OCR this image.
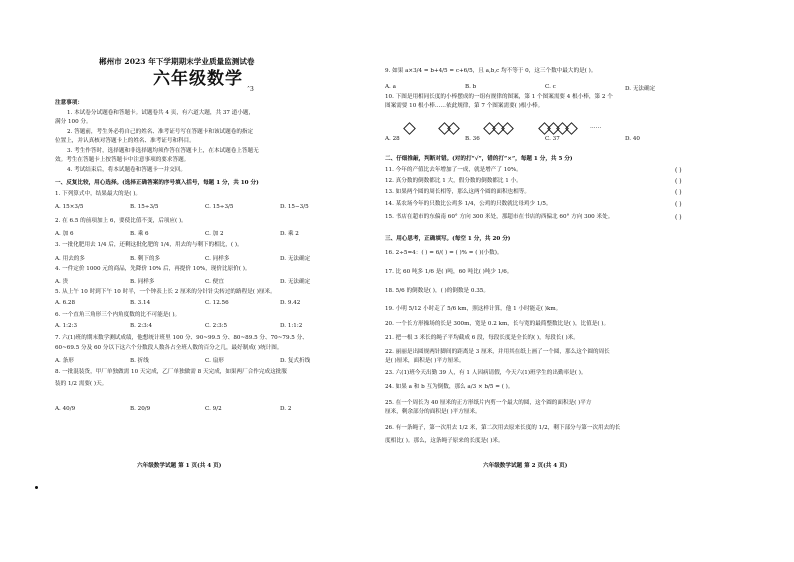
郴州市 2023 年下学期期末学业质量监测试卷
六年级数学
˄3
注意事项：
1. 本试卷分试题卷和答题卡。试题卷共 4 页，有六道大题，共 37 道小题，
满分 100 分。
2. 答题前，考生务必将自己的姓名、准考证号写在答题卡和该试题卷的指定
位置上，并认真核对答题卡上的姓名、准考证号和科目。
3. 考生作答时，选择题和非选择题均须作答在答题卡上，在本试题卷上答题无
效。考生在答题卡上按答题卡中注意事项的要求答题。
4. 考试结束后，将本试题卷和答题卡一并交回。
一、反复比较，用心选择。(选择正确答案的序号填入括号，每题 1 分，共 10 分)
1. 下列算式中，结果最大的是( )。
A. 15×3/5	B. 15÷3/5	C. 15÷3/5	D. 15−3/5
2. 在 6.5 的前项加上 6，要使比值不变，后项应( )。
A. 加 6	B. 乘 6	C. 加 2	D. 乘 2
3. 一批化肥用去 1/4 后，还剩这批化肥的 1/4，用去的与剩下的相比，( )。
A. 用去的多	B. 剩下的多	C. 同样多	D. 无法确定
4. 一件定价 1000 元的商品，先降价 10% 后，再提价 10%，现价比原价( )。
A. 贵	B. 同样多	C. 便宜	D. 无法确定
5. 从上午 10 时到下午 10 时半，一个钟表上长 2 厘米的分针针尖转过的路程是( )厘米。
A. 6.28	B. 3.14	C. 12.56	D. 9.42
6. 一个直角三角形三个内角度数的比不可能是( )。
A. 1:2:3	B. 2:3:4	C. 2:3:5	D. 1:1:2
7. 六(1)班的期末数学测试成绩，他想统计班里 100 分、90~99.5 分、80~89.5 分、70~79.5 分、
60~69.5 分及 60 分以下这六个分数段人数各占全班人数的百分之几，最好制成( )统计图。
A. 条形	B. 折线	C. 扇形	D. 复式折线
8. 一批混装货，甲厂单独做需 10 天完成，乙厂单独做需 8 天完成，如果两厂合作完成这批服
装的 1/2 需要( )天。
A. 40/9	B. 20/9	C. 9/2	D. 2
六年级数学试题 第 1 页(共 4 页)
9. 如果 a×3/4 = b+4/5 = c+6/5，且 a,b,c 均不等于 0，这三个数中最大的是( )。
A. a	B. b	C. c	D. 无法确定
10. 下图是用相同长度的小棒摆成的一组有规律的图案，第 1 个图案需要 4 根小棒，第 2 个
图案需要 10 根小棒……依此规律，第 7 个图案需要( )根小棒。
……
A. 28	B. 36	C. 37	D. 40
二、仔细推敲，判断对错。(对的打“√”，错的打“×”，每题 1 分，共 5 分)
11. 今年的产值比去年增加了一成，就是增产了 10%。	( )
12. 真分数的倒数都比 1 大，假分数的倒数都比 1 小。	( )
13. 如果两个圆的周长相等，那么这两个圆的面积也相等。	( )
14. 某农场今年的只数比公鸡多 1/4，公鸡的只数就比母鸡少 1/5。	( )
15. 书店在超市的东偏南 60° 方向 300 米处，那超市在书店的西偏北 60° 方向 300 米处。	( )
三、用心思考，正确填写。(每空 1 分，共 20 分)
16. 2÷5=4：( ) = 6/( ) = ( )% = ( )(小数)。
17. 比 60 吨多 1/6 是( )吨，60 吨比( )吨少 1/6。
18. 5/6 的倒数是( )，( )的倒数是 0.35。
19. 小明 5/12 小时走了 5/6 km，照这样计算，他 1 小时能走( )km。
20. 一个长方形操场的长是 300m，宽是 0.2 km，长与宽的最简整数比是( )，比值是( )。
21. 把一根 3 米长的绳子平均截成 6 段，每段长度是全长的( )，每段长( )米。
22. 丽丽是出圆规两针脚间的距离是 3 厘米，并用其在纸上画了一个圆，那么这个圆的周长
是( )厘米，面积是( )平方厘米。
23. 六(1)班今天出勤 39 人，有 1 人因病请假，今天六(1)班学生的出勤率是( )。
24. 如果 a 和 b 互为倒数，那么 a/3 × b/5 = ( )。
25. 在一个周长为 40 厘米的正方形纸片内剪一个最大的圆，这个圆的面积是( )平方
厘米，剩余部分的面积是( )平方厘米。
26. 有一条绳子，第一次用去 1/2 米，第二次用去原来长度的 1/2，剩下部分与第一次用去的长
度相比( )。那么，这条绳子原来的长度是( )米。
六年级数学试题 第 2 页(共 4 页)
